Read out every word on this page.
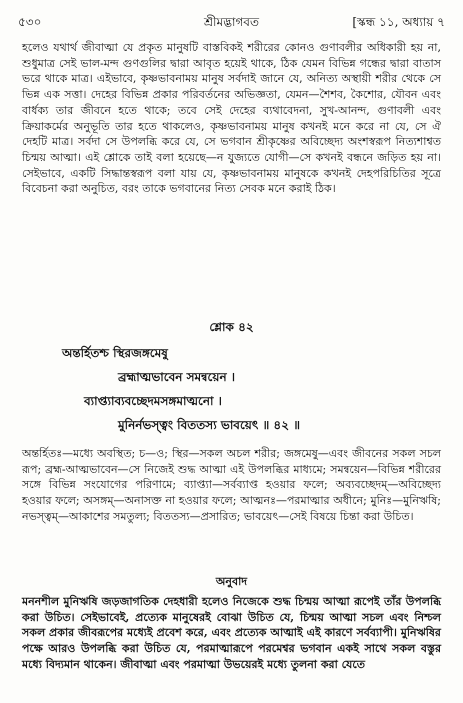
৫৩০	শ্রীমদ্ভাগবত	[স্কন্ধ ১১, অধ্যায় ৭

হলেও যথার্থ জীবাত্মা যে প্রকৃত মানুষটি বাস্তবিকই শরীরের কোনও গুণাবলীর অধিকারী হয় না, শুধুমাত্র সেই ভাল-মন্দ গুণগুলির দ্বারা আবৃত হয়েই থাকে, ঠিক যেমন বিভিন্ন গন্ধের দ্বারা বাতাস ভরে থাকে মাত্র। এইভাবে, কৃষ্ণভাবনাময় মানুষ সর্বদাই জানে যে, অনিত্য অস্থায়ী শরীর থেকে সে ভিন্ন এক সত্তা। দেহের বিভিন্ন প্রকার পরিবর্তনের অভিজ্ঞতা, যেমন—শৈশব, কৈশোর, যৌবন এবং বার্ধক্য তার জীবনে হতে থাকে; তবে সেই দেহের ব্যথাবেদনা, সুখ-আনন্দ, গুণাবলী এবং ক্রিয়াকর্মের অনুভূতি তার হতে থাকলেও, কৃষ্ণভাবনাময় মানুষ কখনই মনে করে না যে, সে ঐ দেহটি মাত্র। সর্বদা সে উপলব্ধি করে যে, সে ভগবান শ্রীকৃষ্ণের অবিচ্ছেদ্য অংশস্বরূপ নিত্যশাশ্বত চিন্ময় আত্মা। এই শ্লোকে তাই বলা হয়েছে—ন যুজ্যতে যোগী—সে কখনই বন্ধনে জড়িত হয় না। সেইভাবে, একটি সিদ্ধান্তস্বরূপ বলা যায় যে, কৃষ্ণভাবনাময় মানুষকে কখনই দেহপরিচিতির সূত্রে বিবেচনা করা অনুচিত, বরং তাকে ভগবানের নিত্য সেবক মনে করাই ঠিক।

শ্লোক ৪২
অন্তর্হিতশ্চ স্থিরজঙ্গমেষু
ব্রহ্মাত্মভাবেন সমন্বয়েন ।
ব্যাপ্ত্যাব্যবচ্ছেদমসঙ্গমাত্মনো ।
মুনির্নভস্ত্বং বিততস্য ভাবয়েৎ ॥ ৪২ ॥

অন্তর্হিতঃ—মধ্যে অবস্থিত; চ—ও; স্থির—সকল অচল শরীর; জঙ্গমেষু—এবং জীবনের সকল সচল রূপ; ব্রহ্ম-আত্মভাবেন—সে নিজেই শুদ্ধ আত্মা এই উপলব্ধির মাধ্যমে; সমন্বয়েন—বিভিন্ন শরীরের সঙ্গে বিভিন্ন সংযোগের পরিণামে; ব্যাপ্ত্যা—সর্বব্যাপ্ত হওয়ার ফলে; অব্যবচ্ছেদম্—অবিচ্ছেদ্য হওয়ার ফলে; অসঙ্গম্—অনাসক্ত না হওয়ার ফলে; আত্মনঃ—পরমাত্মার অধীনে; মুনিঃ—মুনিঋষি; নভস্ত্বম্—আকাশের সমতুল্য; বিততস্য—প্রসারিত; ভাবয়েৎ—সেই বিষয়ে চিন্তা করা উচিত।

অনুবাদ

মননশীল মুনিঋষি জড়জাগতিক দেহধারী হলেও নিজেকে শুদ্ধ চিন্ময় আত্মা রূপেই তাঁর উপলব্ধি করা উচিত। সেইভাবেই, প্রত্যেক মানুষেরই বোঝা উচিত যে, চিন্ময় আত্মা সচল এবং নিশ্চল সকল প্রকার জীবরূপের মধ্যেই প্রবেশ করে, এবং প্রত্যেক আত্মাই এই কারণে সর্বব্যাপী। মুনিঋষির পক্ষে আরও উপলব্ধি করা উচিত যে, পরমাত্মারূপে পরমেশ্বর ভগবান একই সাথে সকল বস্তুর মধ্যে বিদ্যমান থাকেন। জীবাত্মা এবং পরমাত্মা উভয়েরই মধ্যে তুলনা করা যেতে
